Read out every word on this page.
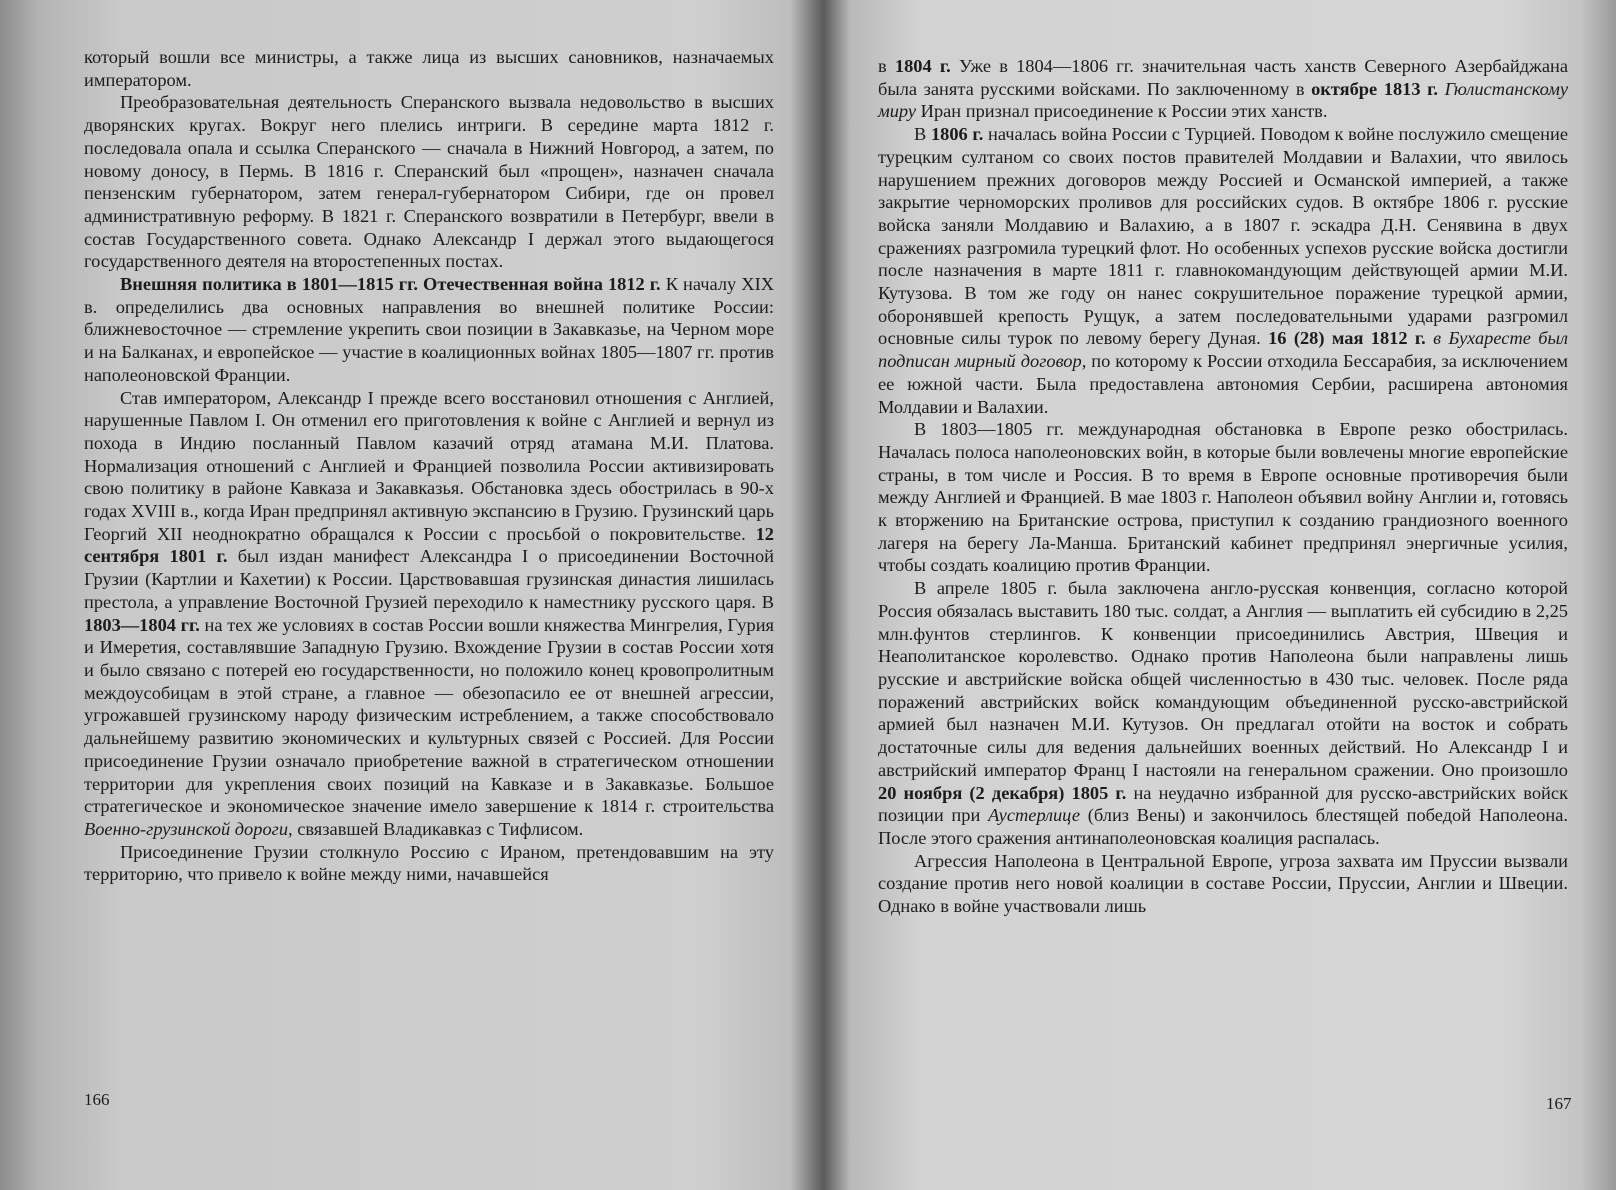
который вошли все министры, а также лица из высших сановников, назначаемых императором.

Преобразовательная деятельность Сперанского вызвала недовольство в высших дворянских кругах. Вокруг него плелись интриги. В середине марта 1812 г. последовала опала и ссылка Сперанского — сначала в Нижний Новгород, а затем, по новому доносу, в Пермь. В 1816 г. Сперанский был «прощен», назначен сначала пензенским губернатором, затем генерал-губернатором Сибири, где он провел административную реформу. В 1821 г. Сперанского возвратили в Петербург, ввели в состав Государственного совета. Однако Александр I держал этого выдающегося государственного деятеля на второстепенных постах.

Внешняя политика в 1801—1815 гг. Отечественная война 1812 г. К началу XIX в. определились два основных направления во внешней политике России: ближневосточное — стремление укрепить свои позиции в Закавказье, на Черном море и на Балканах, и европейское — участие в коалиционных войнах 1805—1807 гг. против наполеоновской Франции.

Став императором, Александр I прежде всего восстановил отношения с Англией, нарушенные Павлом I. Он отменил его приготовления к войне с Англией и вернул из похода в Индию посланный Павлом казачий отряд атамана М.И. Платова. Нормализация отношений с Англией и Францией позволила России активизировать свою политику в районе Кавказа и Закавказья. Обстановка здесь обострилась в 90-х годах XVIII в., когда Иран предпринял активную экспансию в Грузию. Грузинский царь Георгий XII неоднократно обращался к России с просьбой о покровительстве. 12 сентября 1801 г. был издан манифест Александра I о присоединении Восточной Грузии (Картлии и Кахетии) к России. Царствовавшая грузинская династия лишилась престола, а управление Восточной Грузией переходило к наместнику русского царя. В 1803—1804 гг. на тех же условиях в состав России вошли княжества Мингрелия, Гурия и Имеретия, составлявшие Западную Грузию. Вхождение Грузии в состав России хотя и было связано с потерей ею государственности, но положило конец кровопролитным междоусобицам в этой стране, а главное — обезопасило ее от внешней агрессии, угрожавшей грузинскому народу физическим истреблением, а также способствовало дальнейшему развитию экономических и культурных связей с Россией. Для России присоединение Грузии означало приобретение важной в стратегическом отношении территории для укрепления своих позиций на Кавказе и в Закавказье. Большое стратегическое и экономическое значение имело завершение к 1814 г. строительства Военно-грузинской дороги, связавшей Владикавказ с Тифлисом.

Присоединение Грузии столкнуло Россию с Ираном, претендовавшим на эту территорию, что привело к войне между ними, начавшейся

166

в 1804 г. Уже в 1804—1806 гг. значительная часть ханств Северного Азербайджана была занята русскими войсками. По заключенному в октябре 1813 г. Гюлистанскому миру Иран признал присоединение к России этих ханств.

В 1806 г. началась война России с Турцией. Поводом к войне послужило смещение турецким султаном со своих постов правителей Молдавии и Валахии, что явилось нарушением прежних договоров между Россией и Османской империей, а также закрытие черноморских проливов для российских судов. В октябре 1806 г. русские войска заняли Молдавию и Валахию, а в 1807 г. эскадра Д.Н. Сенявина в двух сражениях разгромила турецкий флот. Но особенных успехов русские войска достигли после назначения в марте 1811 г. главнокомандующим действующей армии М.И. Кутузова. В том же году он нанес сокрушительное поражение турецкой армии, оборонявшей крепость Рущук, а затем последовательными ударами разгромил основные силы турок по левому берегу Дуная. 16 (28) мая 1812 г. в Бухаресте был подписан мирный договор, по которому к России отходила Бессарабия, за исключением ее южной части. Была предоставлена автономия Сербии, расширена автономия Молдавии и Валахии.

В 1803—1805 гг. международная обстановка в Европе резко обострилась. Началась полоса наполеоновских войн, в которые были вовлечены многие европейские страны, в том числе и Россия. В то время в Европе основные противоречия были между Англией и Францией. В мае 1803 г. Наполеон объявил войну Англии и, готовясь к вторжению на Британские острова, приступил к созданию грандиозного военного лагеря на берегу Ла-Манша. Британский кабинет предпринял энергичные усилия, чтобы создать коалицию против Франции.

В апреле 1805 г. была заключена англо-русская конвенция, согласно которой Россия обязалась выставить 180 тыс. солдат, а Англия — выплатить ей субсидию в 2,25 млн.фунтов стерлингов. К конвенции присоединились Австрия, Швеция и Неаполитанское королевство. Однако против Наполеона были направлены лишь русские и австрийские войска общей численностью в 430 тыс. человек. После ряда поражений австрийских войск командующим объединенной русско-австрийской армией был назначен М.И. Кутузов. Он предлагал отойти на восток и собрать достаточные силы для ведения дальнейших военных действий. Но Александр I и австрийский император Франц I настояли на генеральном сражении. Оно произошло 20 ноября (2 декабря) 1805 г. на неудачно избранной для русско-австрийских войск позиции при Аустерлице (близ Вены) и закончилось блестящей победой Наполеона. После этого сражения антинаполеоновская коалиция распалась.

Агрессия Наполеона в Центральной Европе, угроза захвата им Пруссии вызвали создание против него новой коалиции в составе России, Пруссии, Англии и Швеции. Однако в войне участвовали лишь

167
